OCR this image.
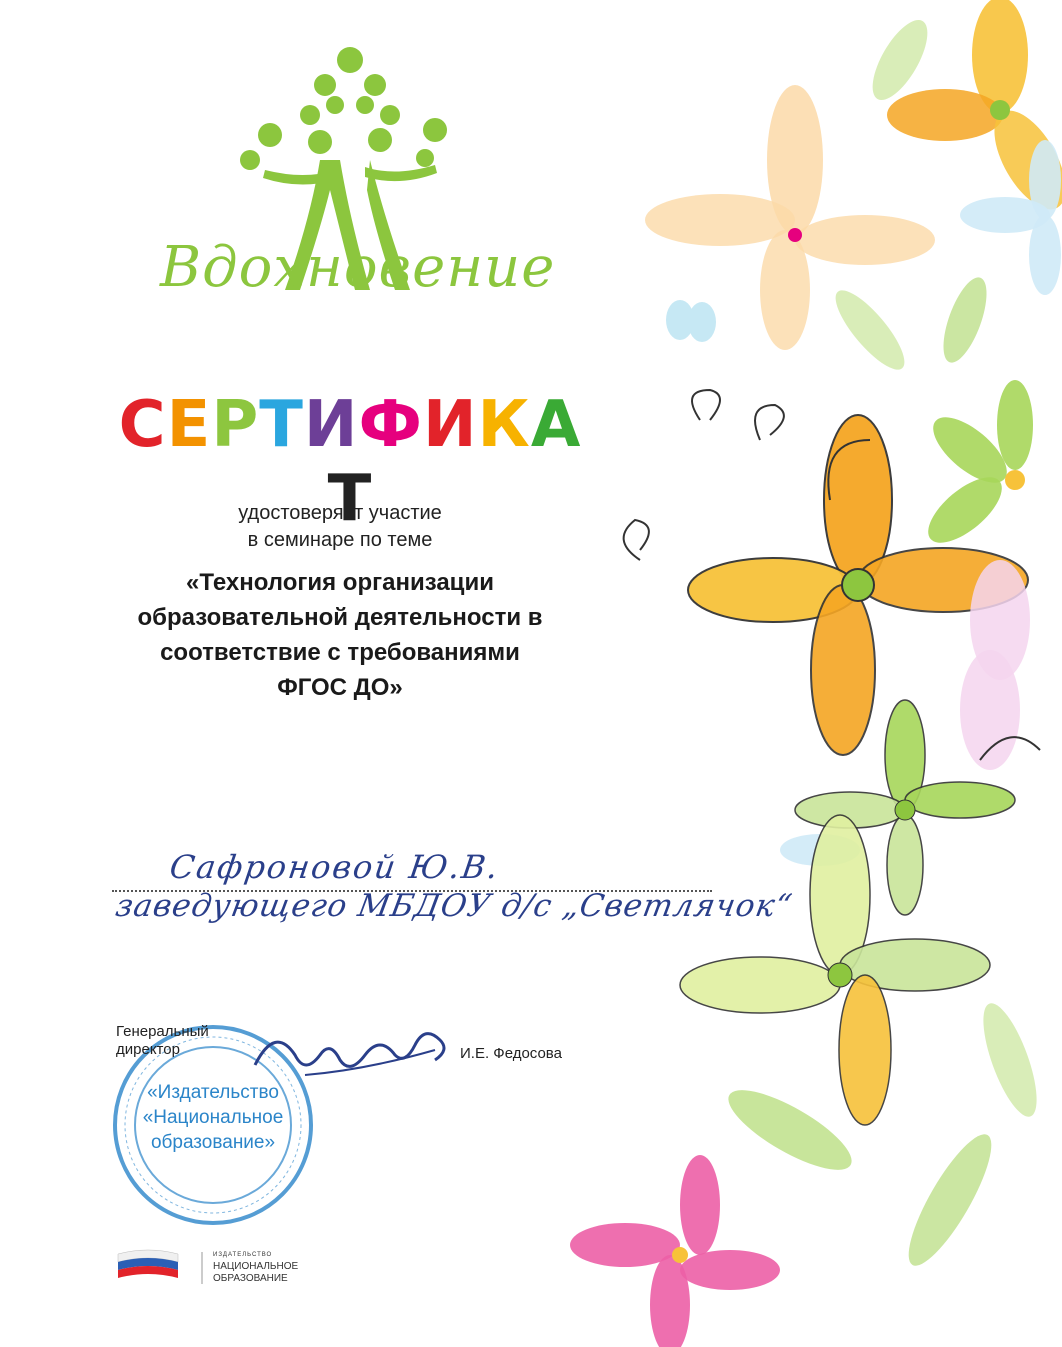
Вдохновение
СЕРТИФИКАТ
удостоверяет участие
в семинаре по теме
«Технология организации
образовательной деятельности в
соответствие с требованиями
ФГОС ДО»
Сафроновой Ю.В.
заведующего МБДОУ д/с „Светлячок“
«Издательство
«Национальное
образование»
Генеральный
директор	И.Е. Федосова
ИЗДАТЕЛЬСТВО
НАЦИОНАЛЬНОЕ
ОБРАЗОВАНИЕ
